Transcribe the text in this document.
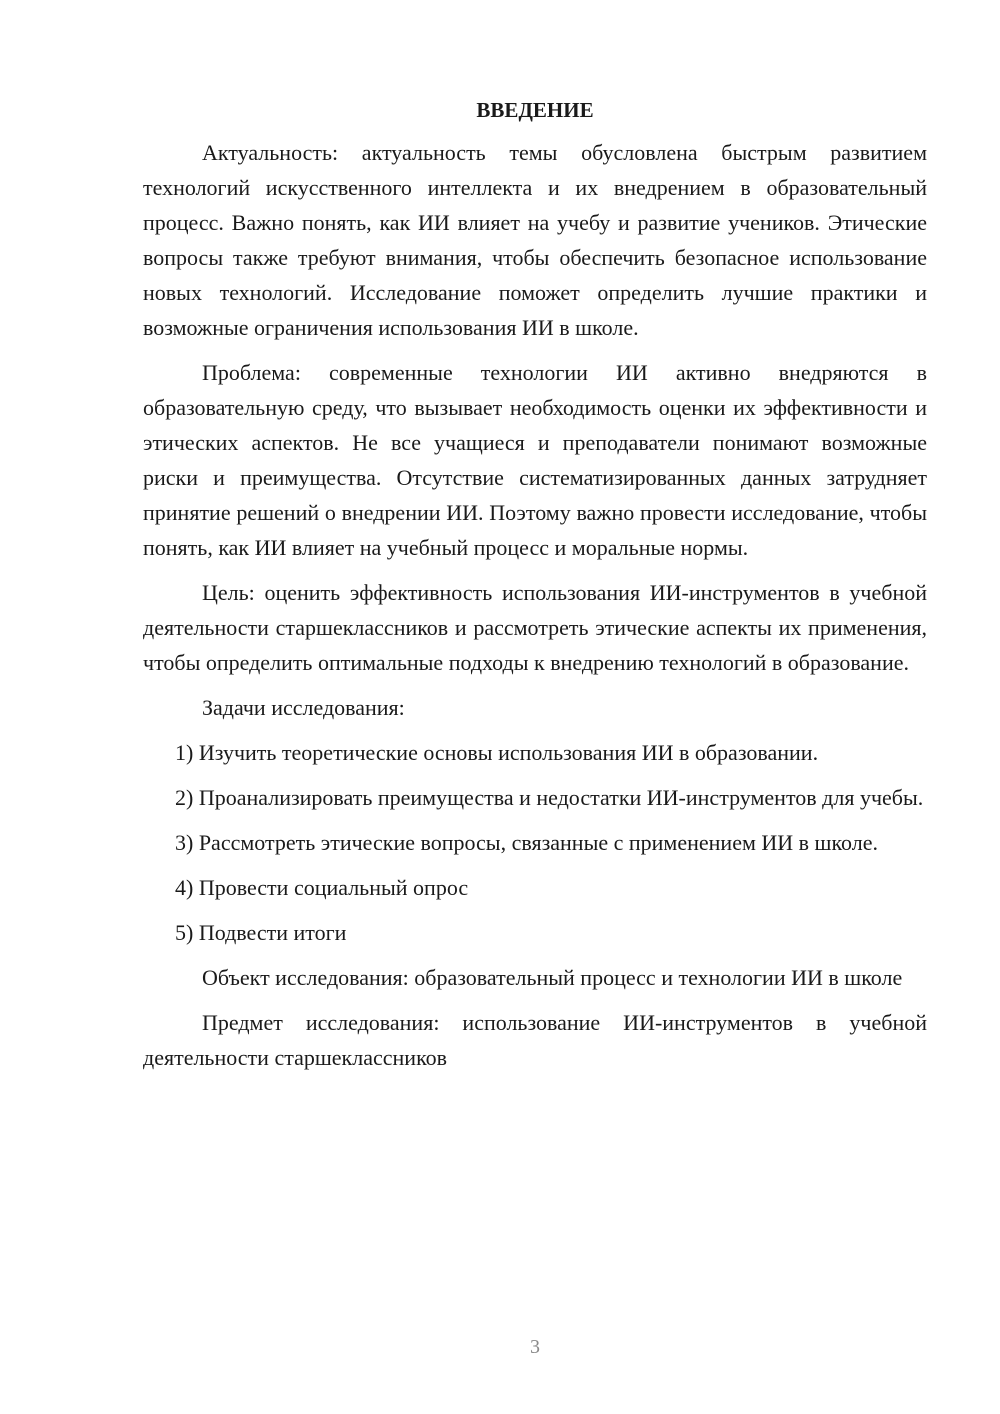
ВВЕДЕНИЕ

Актуальность: актуальность темы обусловлена быстрым развитием технологий искусственного интеллекта и их внедрением в образовательный процесс. Важно понять, как ИИ влияет на учебу и развитие учеников. Этические вопросы также требуют внимания, чтобы обеспечить безопасное использование новых технологий. Исследование поможет определить лучшие практики и возможные ограничения использования ИИ в школе.

Проблема: современные технологии ИИ активно внедряются в образовательную среду, что вызывает необходимость оценки их эффективности и этических аспектов. Не все учащиеся и преподаватели понимают возможные риски и преимущества. Отсутствие систематизированных данных затрудняет принятие решений о внедрении ИИ. Поэтому важно провести исследование, чтобы понять, как ИИ влияет на учебный процесс и моральные нормы.

Цель: оценить эффективность использования ИИ-инструментов в учебной деятельности старшеклассников и рассмотреть этические аспекты их применения, чтобы определить оптимальные подходы к внедрению технологий в образование.

Задачи исследования:

1) Изучить теоретические основы использования ИИ в образовании.

2) Проанализировать преимущества и недостатки ИИ-инструментов для учебы.

3) Рассмотреть этические вопросы, связанные с применением ИИ в школе.

4) Провести социальный опрос

5) Подвести итоги

Объект исследования: образовательный процесс и технологии ИИ в школе

Предмет исследования: использование ИИ-инструментов в учебной деятельности старшеклассников

3
